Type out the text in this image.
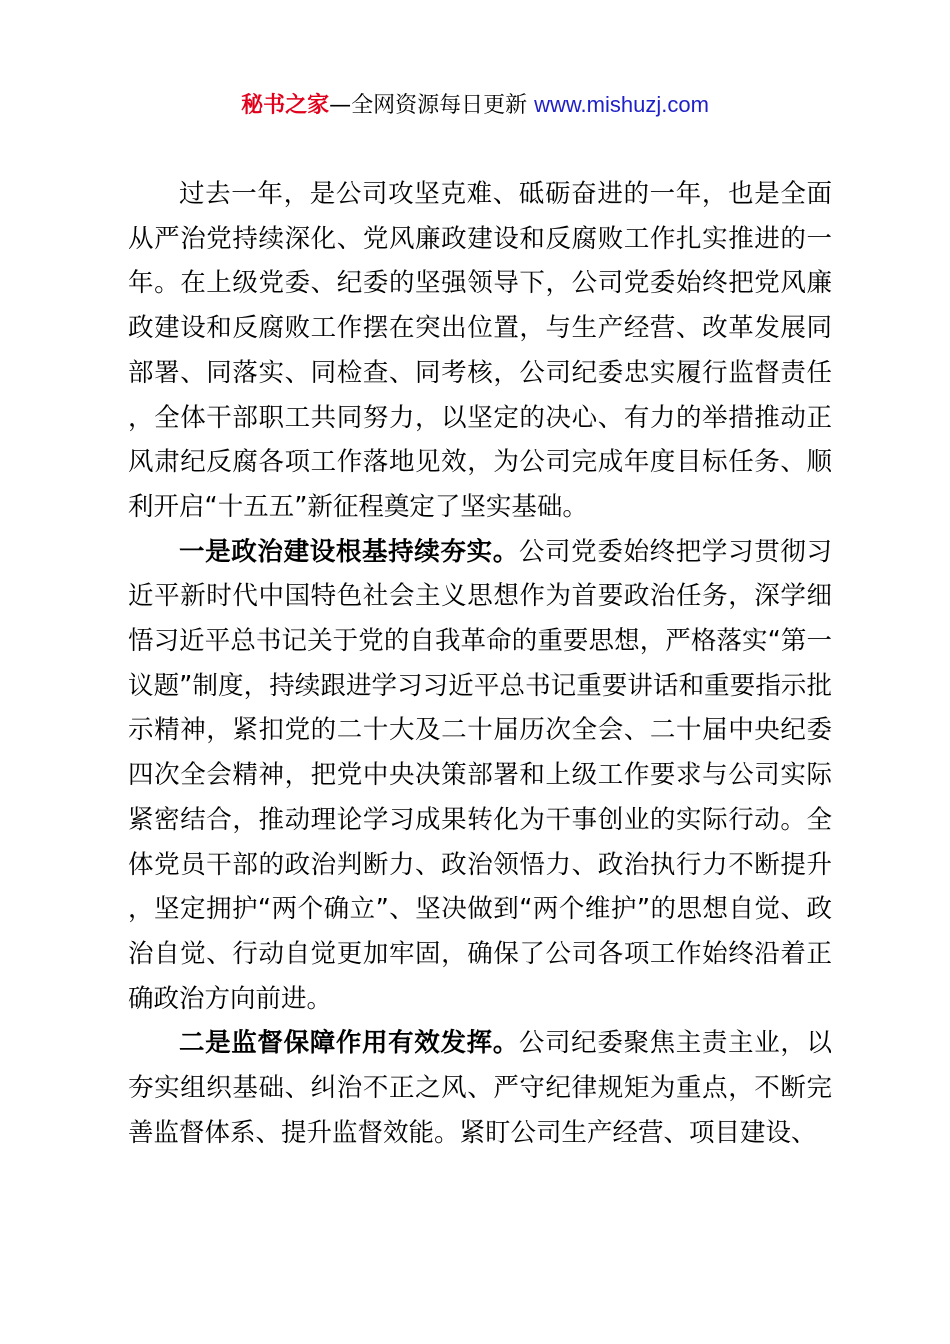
秘书之家—全网资源每日更新 www.mishuzj.com

过去一年，是公司攻坚克难、砥砺奋进的一年，也是全面从严治党持续深化、党风廉政建设和反腐败工作扎实推进的一年。在上级党委、纪委的坚强领导下，公司党委始终把党风廉政建设和反腐败工作摆在突出位置，与生产经营、改革发展同部署、同落实、同检查、同考核，公司纪委忠实履行监督责任，全体干部职工共同努力，以坚定的决心、有力的举措推动正风肃纪反腐各项工作落地见效，为公司完成年度目标任务、顺利开启“十五五”新征程奠定了坚实基础。

一是政治建设根基持续夯实。公司党委始终把学习贯彻习近平新时代中国特色社会主义思想作为首要政治任务，深学细悟习近平总书记关于党的自我革命的重要思想，严格落实“第一议题”制度，持续跟进学习习近平总书记重要讲话和重要指示批示精神，紧扣党的二十大及二十届历次全会、二十届中央纪委四次全会精神，把党中央决策部署和上级工作要求与公司实际紧密结合，推动理论学习成果转化为干事创业的实际行动。全体党员干部的政治判断力、政治领悟力、政治执行力不断提升，坚定拥护“两个确立”、坚决做到“两个维护”的思想自觉、政治自觉、行动自觉更加牢固，确保了公司各项工作始终沿着正确政治方向前进。

二是监督保障作用有效发挥。公司纪委聚焦主责主业，以夯实组织基础、纠治不正之风、严守纪律规矩为重点，不断完善监督体系、提升监督效能。紧盯公司生产经营、项目建设、
